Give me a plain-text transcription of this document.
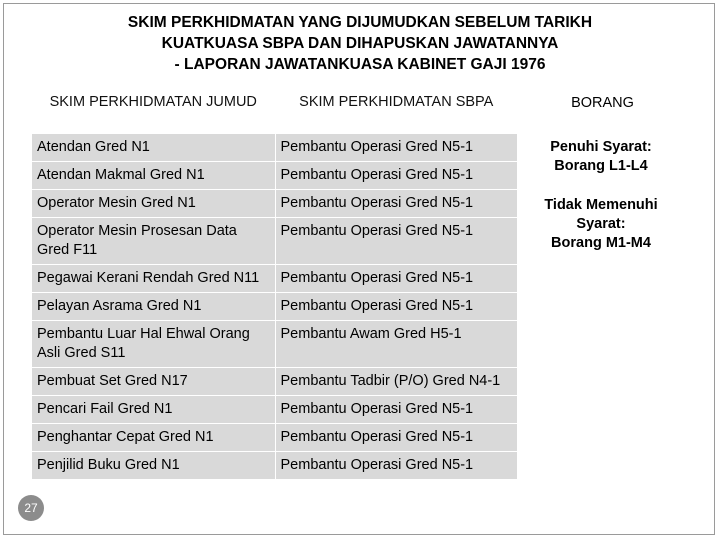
SKIM PERKHIDMATAN YANG DIJUMUDKAN SEBELUM TARIKH
KUATKUASA SBPA DAN DIHAPUSKAN JAWATANNYA
- LAPORAN JAWATANKUASA KABINET GAJI 1976
SKIM PERKHIDMATAN JUMUD	SKIM PERKHIDMATAN SBPA
Atendan Gred N1	Pembantu Operasi Gred N5-1
Atendan Makmal Gred N1	Pembantu Operasi Gred N5-1
Operator Mesin Gred N1	Pembantu Operasi Gred N5-1
Operator Mesin Prosesan Data Gred F11	Pembantu Operasi Gred N5-1
Pegawai Kerani Rendah Gred N11	Pembantu Operasi Gred N5-1
Pelayan Asrama Gred N1	Pembantu Operasi Gred N5-1
Pembantu Luar Hal Ehwal Orang Asli Gred S11	Pembantu Awam Gred H5-1
Pembuat Set Gred N17	Pembantu Tadbir (P/O) Gred N4-1
Pencari Fail Gred N1	Pembantu Operasi Gred N5-1
Penghantar Cepat Gred N1	Pembantu Operasi Gred N5-1
Penjilid Buku Gred N1	Pembantu Operasi Gred N5-1
BORANG
Penuhi Syarat:
Borang L1-L4
Tidak Memenuhi
Syarat:
Borang M1-M4
27
